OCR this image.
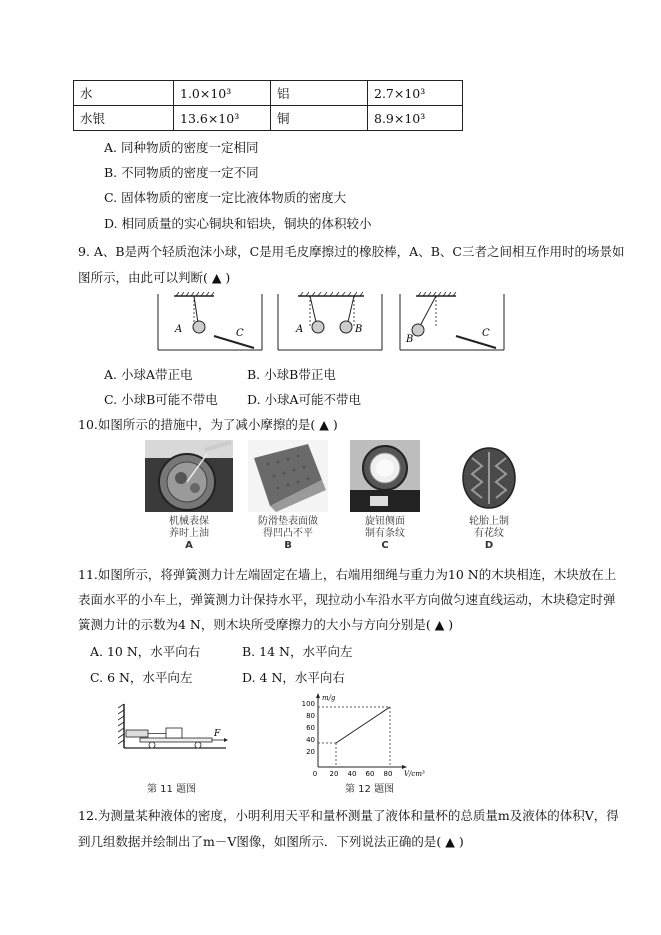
水	1.0×10³	铝	2.7×10³
水银	13.6×10³	铜	8.9×10³
A. 同种物质的密度一定相同
B. 不同物质的密度一定不同
C. 固体物质的密度一定比液体物质的密度大
D. 相同质量的实心铜块和铝块，铜块的体积较小
9. A、B是两个轻质泡沫小球，C是用毛皮摩擦过的橡胶棒，A、B、C三者之间相互作用时的场景如
图所示，由此可以判断( ▲ )
A	C	A	B
B
C
A. 小球A带正电	B. 小球B带正电
C. 小球B可能不带电 D. 小球A可能不带电
10.如图所示的措施中，为了减小摩擦的是( ▲ )
机械表保
养时上油
A
防滑垫表面做
得凹凸不平
B
旋钮侧面
制有条纹
C
轮胎上制
有花纹
D
11.如图所示，将弹簧测力计左端固定在墙上，右端用细绳与重力为10 N的木块相连，木块放在上
表面水平的小车上，弹簧测力计保持水平，现拉动小车沿水平方向做匀速直线运动，木块稳定时弹
簧测力计的示数为4 N，则木块所受摩擦力的大小与方向分别是( ▲ )
A. 10 N，水平向右	B. 14 N，水平向左
C. 6 N，水平向左	D. 4 N，水平向右
F
第 11 题图
m/g
V/cm³
100
80
60
40
20
0 20 40 60 80
第 12 题图
12.为测量某种液体的密度，小明利用天平和量杯测量了液体和量杯的总质量m及液体的体积V，得
到几组数据并绘制出了m－V图像，如图所示．下列说法正确的是( ▲ )
